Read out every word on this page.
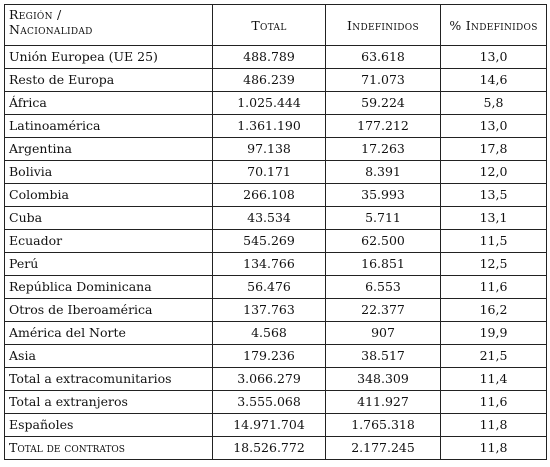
Región /
Nacionalidad	Total	Indefinidos	% Indefinidos
Unión Europea (UE 25)	488.789	63.618	13,0
Resto de Europa	486.239	71.073	14,6
África	1.025.444	59.224	5,8
Latinoamérica	1.361.190	177.212	13,0
Argentina	97.138	17.263	17,8
Bolivia	70.171	8.391	12,0
Colombia	266.108	35.993	13,5
Cuba	43.534	5.711	13,1
Ecuador	545.269	62.500	11,5
Perú	134.766	16.851	12,5
República Dominicana	56.476	6.553	11,6
Otros de Iberoamérica	137.763	22.377	16,2
América del Norte	4.568	907	19,9
Asia	179.236	38.517	21,5
Total a extracomunitarios	3.066.279	348.309	11,4
Total a extranjeros	3.555.068	411.927	11,6
Españoles	14.971.704	1.765.318	11,8
Total de contratos	18.526.772	2.177.245	11,8
